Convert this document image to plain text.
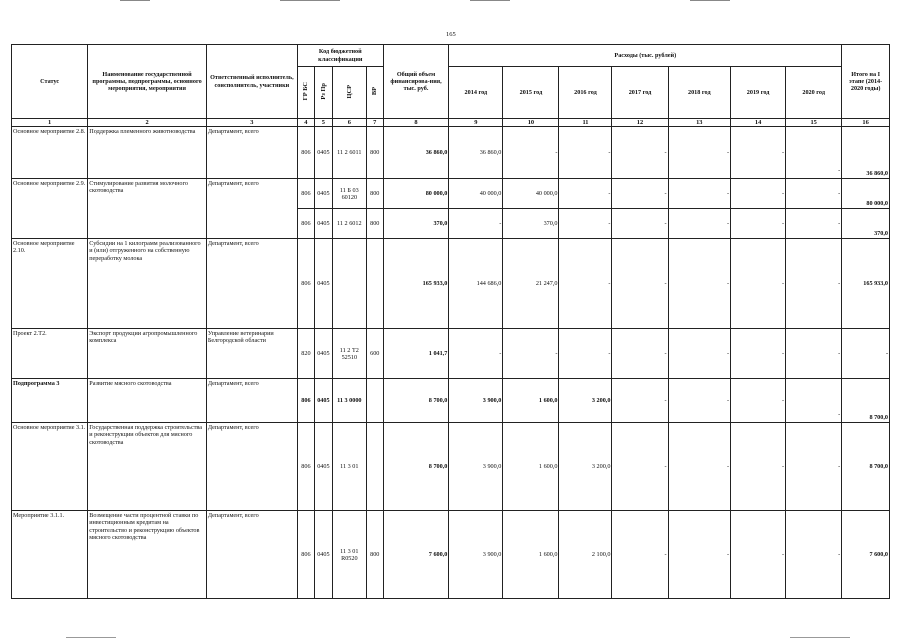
165
Статус	Наименование государственной программы, подпрограммы, основного мероприятия, мероприятия	Ответственный исполнитель, соисполнитель, участники	Код бюджетной классификации				Общий объем финансирова-ния, тыс. руб.	Расходы (тыс. рублей)							Итого на I этапе (2014-2020 годы)
			ГР БС	Рз Пр	ЦСР	ВР		2014 год	2015 год	2016 год	2017 год	2018 год	2019 год	2020 год	
1	2	3	4	5	6	7	8	9	10	11	12	13	14	15	16
Основное мероприятие 2.8.	Поддержка племенного животноводства	Департамент, всего	806	0405	11 2 6011	800	36 860,0	36 860,0	-	-	-	-	-	-	36 860,0
Основное мероприятие 2.9.	Стимулирование развития молочного скотоводства	Департамент, всего	806	0405	11 Б 03 60120	800	80 000,0	40 000,0	40 000,0	-	-	-	-	-	80 000,0
			806	0405	11 2 6012	800	370,0	-	370,0	-	-	-	-	-	370,0
Основное мероприятие 2.10.	Субсидии на 1 килограмм реализованного и (или) отгруженного на собственную переработку молока	Департамент, всего	806	0405			165 933,0	144 686,0	21 247,0	-	-	-	-	-	165 933,0
Проект 2.Т2.	Экспорт продукции агропромышленного комплекса	Управление ветеринарии Белгородской области	820	0405	11 2 Т2 52510	600	1 041,7	-	-	-	-	-	-	-	-
Подпрограмма 3	Развитие мясного скотоводства	Департамент, всего	806	0405	11 3 0000		8 700,0	3 900,0	1 600,0	3 200,0	-	-	-	-	8 700,0
Основное мероприятие 3.1.	Государственная поддержка строительства и реконструкции объектов для мясного скотоводства	Департамент, всего	806	0405	11 3 01		8 700,0	3 900,0	1 600,0	3 200,0	-	-	-	-	8 700,0
Мероприятие 3.1.1.	Возмещение части процентной ставки по инвестиционным кредитам на строительство и реконструкцию объектов мясного скотоводства	Департамент, всего	806	0405	11 3 01 R0520	800	7 600,0	3 900,0	1 600,0	2 100,0	-	-	-	-	7 600,0
